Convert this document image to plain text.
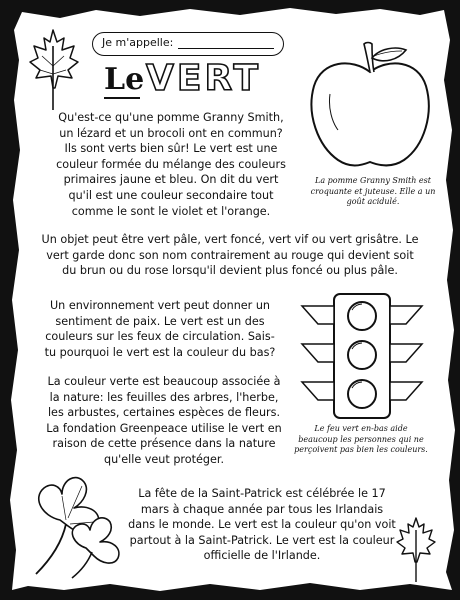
Je m'appelle:
Le VERT
Qu'est-ce qu'une pomme Granny Smith, un lézard et un brocoli ont en commun? Ils sont verts bien sûr! Le vert est une couleur formée du mélange des couleurs primaires jaune et bleu. On dit du vert qu'il est une couleur secondaire tout comme le sont le violet et l'orange.
Un objet peut être vert pâle, vert foncé, vert vif ou vert grisâtre. Le vert garde donc son nom contrairement au rouge qui devient soit du brun ou du rose lorsqu'il devient plus foncé ou plus pâle.
Un environnement vert peut donner un sentiment de paix. Le vert est un des couleurs sur les feux de circulation. Sais-tu pourquoi le vert est la couleur du bas?
La couleur verte est beaucoup associée à la nature: les feuilles des arbres, l'herbe, les arbustes, certaines espèces de fleurs. La fondation Greenpeace utilise le vert en raison de cette présence dans la nature qu'elle veut protéger.
La fête de la Saint-Patrick est célébrée le 17 mars à chaque année par tous les Irlandais dans le monde. Le vert est la couleur qu'on voit partout à la Saint-Patrick. Le vert est la couleur officielle de l'Irlande.
La pomme Granny Smith est croquante et juteuse. Elle a un goût acidulé.
Le feu vert en-bas aide beaucoup les personnes qui ne perçoivent pas bien les couleurs.
